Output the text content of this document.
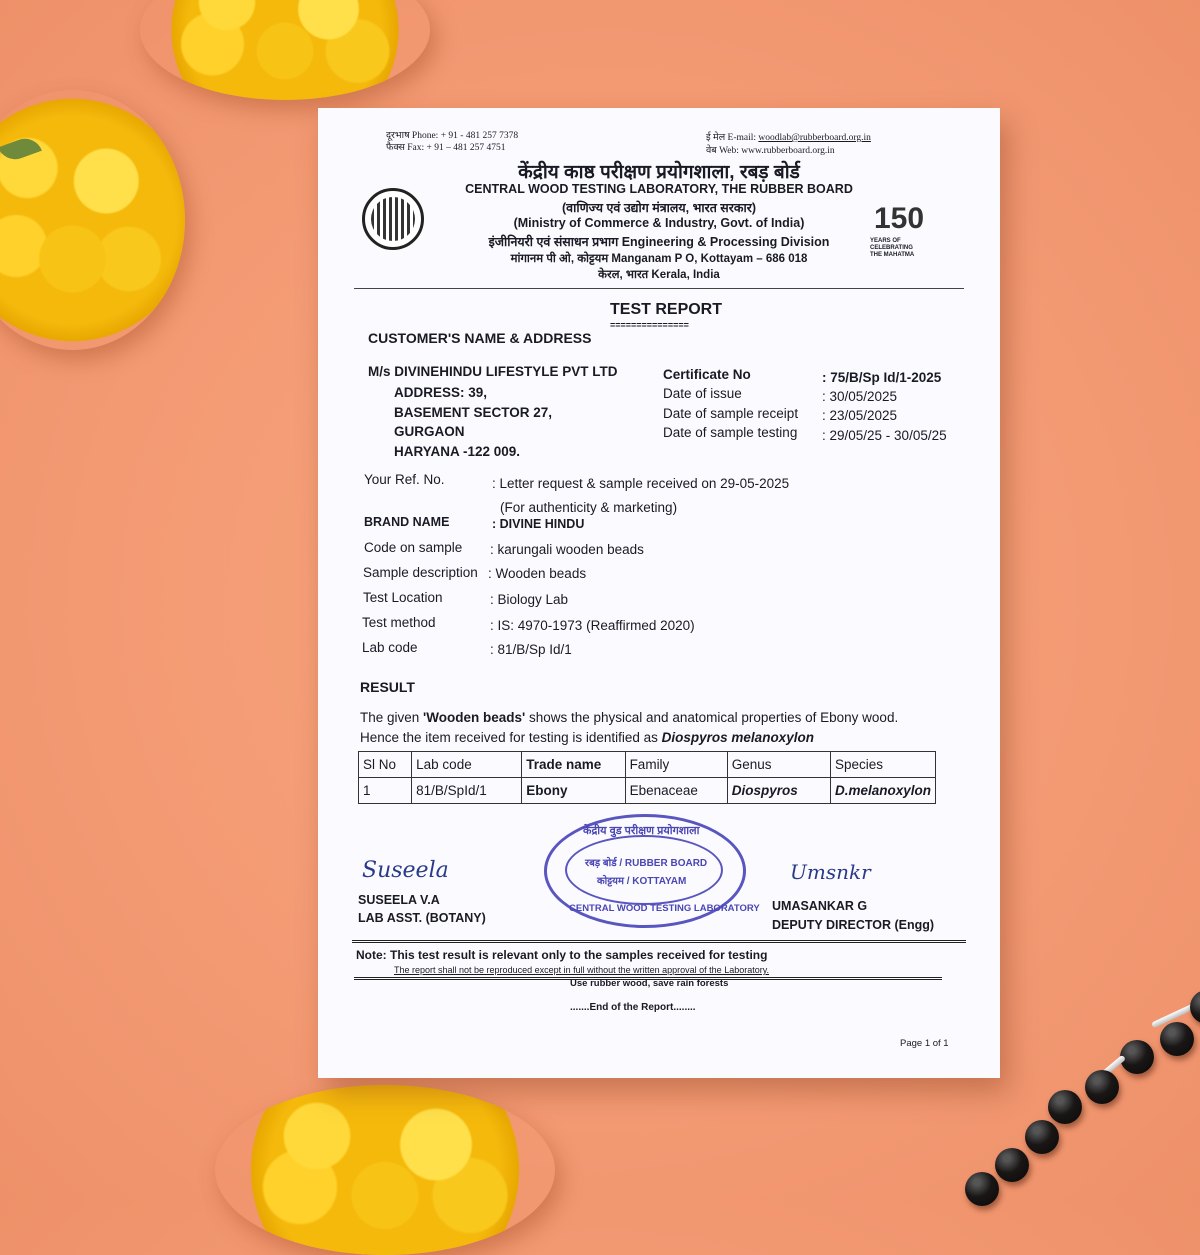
दूरभाष Phone: + 91 - 481 257 7378
फैक्स Fax: + 91 – 481 257 4751
ई मेल E-mail: woodlab@rubberboard.org.in
वेब Web: www.rubberboard.org.in
केंद्रीय काष्ठ परीक्षण प्रयोगशाला, रबड़ बोर्ड
CENTRAL WOOD TESTING LABORATORY, THE RUBBER BOARD
(वाणिज्य एवं उद्योग मंत्रालय, भारत सरकार)
(Ministry of Commerce & Industry, Govt. of India)
इंजीनियरी एवं संसाधन प्रभाग Engineering & Processing Division
मांगानम पी ओ, कोट्टयम Manganam P O, Kottayam – 686 018
केरल, भारत Kerala, India
150
YEARS OF
CELEBRATING
THE MAHATMA
TEST REPORT
===============
CUSTOMER'S NAME & ADDRESS
M/s DIVINEHINDU LIFESTYLE PVT LTD
ADDRESS: 39,
BASEMENT SECTOR 27,
GURGAON
HARYANA -122 009.
Certificate No	: 75/B/Sp Id/1-2025
Date of issue	: 30/05/2025
Date of sample receipt : 23/05/2025
Date of sample testing : 29/05/25 - 30/05/25
Your Ref. No.	: Letter request & sample received on 29-05-2025
(For authenticity & marketing)
BRAND NAME	: DIVINE HINDU
Code on sample : karungali wooden beads
Sample description : Wooden beads
Test Location	: Biology Lab
Test method	: IS: 4970-1973 (Reaffirmed 2020)
Lab code	: 81/B/Sp Id/1
RESULT
The given 'Wooden beads' shows the physical and anatomical properties of Ebony wood.
Hence the item received for testing is identified as Diospyros melanoxylon
Sl No	Lab code	Trade name	Family	Genus	Species
1	81/B/SpId/1	Ebony	Ebenaceae	Diospyros	D.melanoxylon
केंद्रीय वुड परीक्षण प्रयोगशाला
रबड़ बोर्ड / RUBBER BOARD
कोट्टयम / KOTTAYAM
CENTRAL WOOD TESTING LABORATORY
Suseela
SUSEELA V.A
LAB ASST. (BOTANY)
Umsnkr
UMASANKAR G
DEPUTY DIRECTOR (Engg)
Note: This test result is relevant only to the samples received for testing
The report shall not be reproduced except in full without the written approval of the Laboratory.
Use rubber wood, save rain forests
.......End of the Report........
Page 1 of 1
